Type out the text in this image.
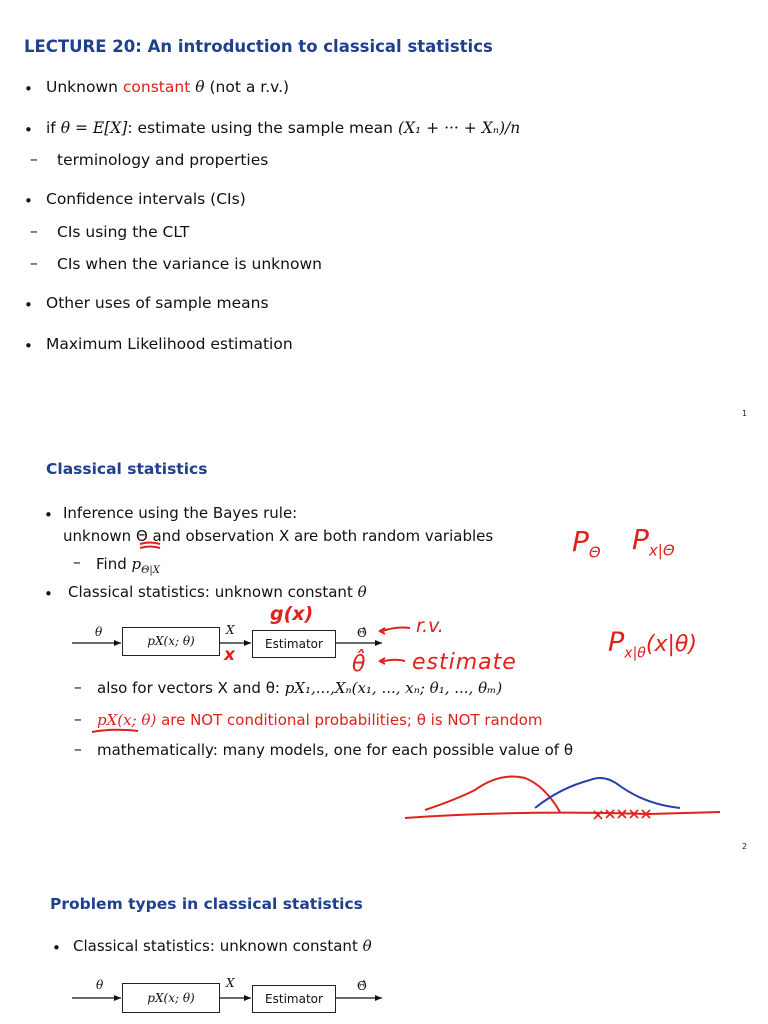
LECTURE 20: An introduction to classical statistics
• Unknown constant θ (not a r.v.)
• if θ = E[X]: estimate using the sample mean (X₁ + ··· + Xₙ)/n
– terminology and properties
• Confidence intervals (CIs)
– CIs using the CLT
– CIs when the variance is unknown
• Other uses of sample means
• Maximum Likelihood estimation
1
Classical statistics
• Inference using the Bayes rule:
unknown Θ and observation X are both random variables
– Find $p_{\Theta|X}$
• Classical statistics: unknown constant θ
θ
pX(x; θ)
X
Estimator
Θ̂
– also for vectors X and θ: pX₁,...,Xₙ(x₁, ..., xₙ; θ₁, ..., θₘ)
– pX(x; θ) are NOT conditional probabilities; θ is NOT random
– mathematically: many models, one for each possible value of θ
2
$P_\Theta$ $P_{x|\Theta}$
g(x)
x
r.v.
θ̂ estimate
$P_{x|\theta}(x|\theta)$
Problem types in classical statistics
• Classical statistics: unknown constant θ
θ
pX(x; θ)
X
Estimator
Θ̂
